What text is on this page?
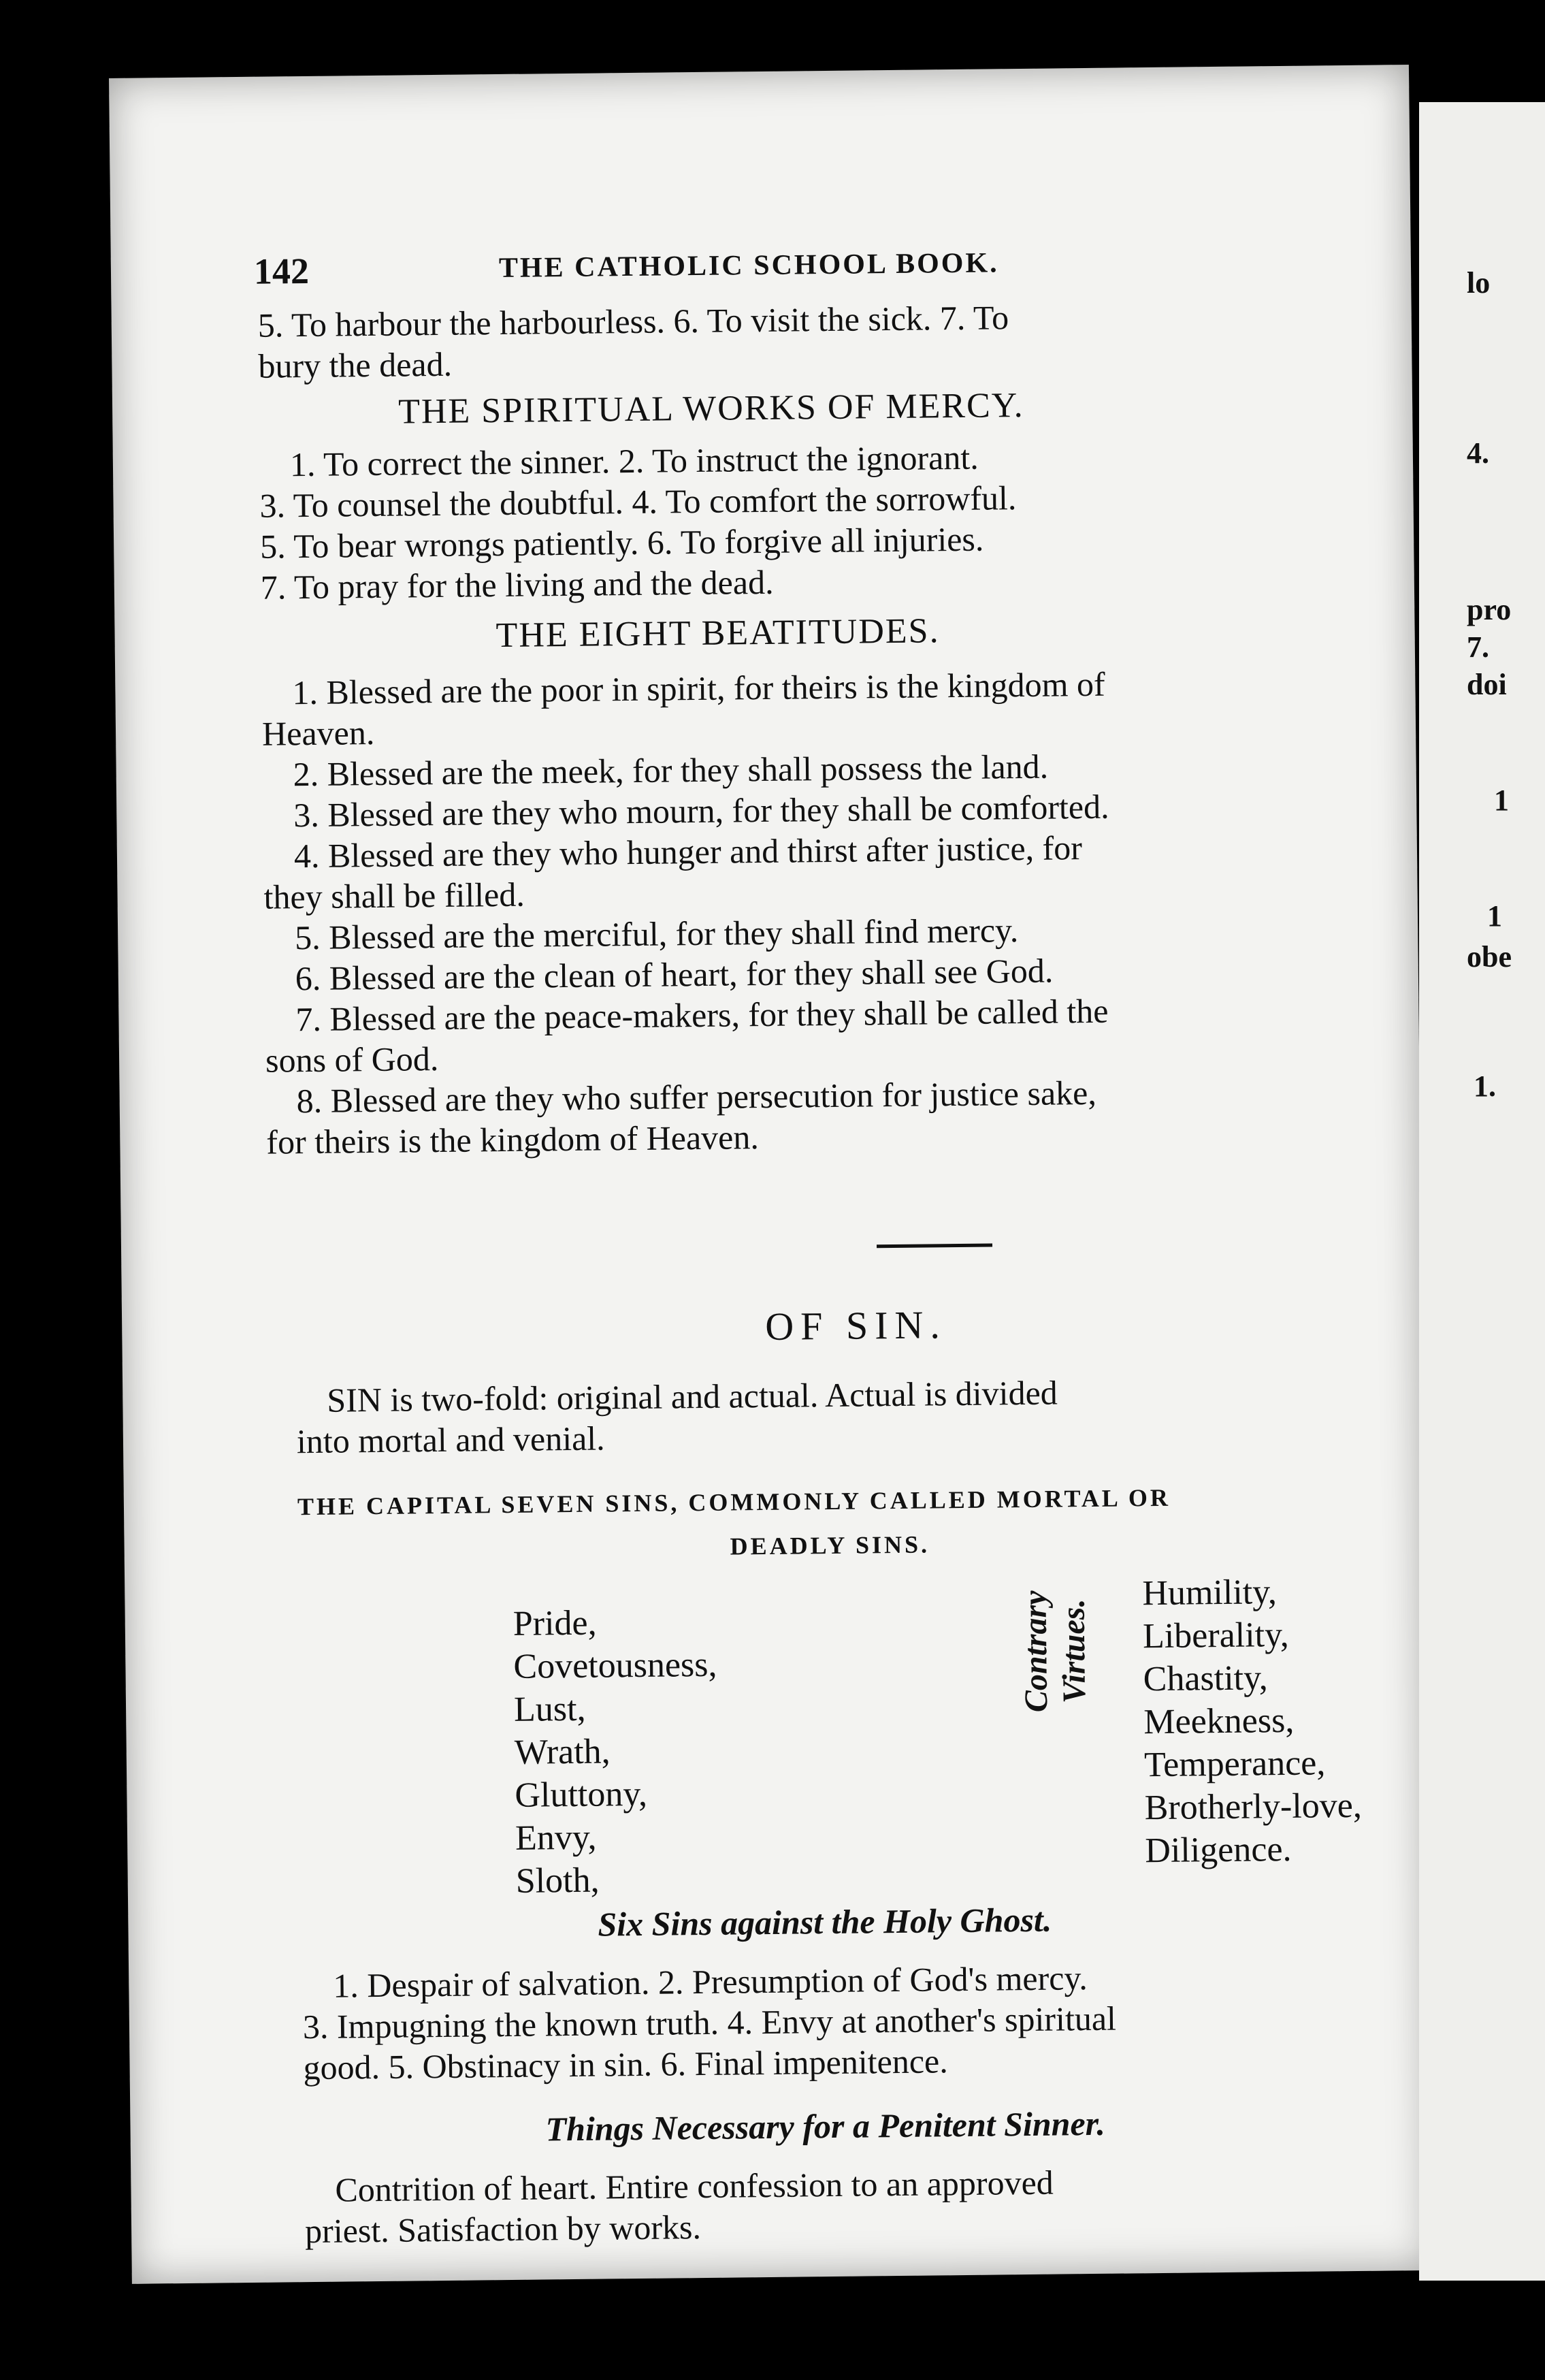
142	THE CATHOLIC SCHOOL BOOK.
5. To harbour the harbourless. 6. To visit the sick. 7. To
bury the dead.
THE SPIRITUAL WORKS OF MERCY.
1. To correct the sinner. 2. To instruct the ignorant.
3. To counsel the doubtful. 4. To comfort the sorrowful.
5. To bear wrongs patiently. 6. To forgive all injuries.
7. To pray for the living and the dead.
THE EIGHT BEATITUDES.
1. Blessed are the poor in spirit, for theirs is the kingdom of
Heaven.
2. Blessed are the meek, for they shall possess the land.
3. Blessed are they who mourn, for they shall be comforted.
4. Blessed are they who hunger and thirst after justice, for
they shall be filled.
5. Blessed are the merciful, for they shall find mercy.
6. Blessed are the clean of heart, for they shall see God.
7. Blessed are the peace-makers, for they shall be called the
sons of God.
8. Blessed are they who suffer persecution for justice sake,
for theirs is the kingdom of Heaven.
OF SIN.
SIN is two-fold: original and actual. Actual is divided
into mortal and venial.
THE CAPITAL SEVEN SINS, COMMONLY CALLED MORTAL OR
DEADLY SINS.
Pride,
Covetousness,
Lust,
Wrath,
Gluttony,
Envy,
Sloth,
Contrary Virtues.
Humility,
Liberality,
Chastity,
Meekness,
Temperance,
Brotherly-love,
Diligence.
Six Sins against the Holy Ghost.
1. Despair of salvation. 2. Presumption of God's mercy.
3. Impugning the known truth. 4. Envy at another's spiritual
good. 5. Obstinacy in sin. 6. Final impenitence.
Things Necessary for a Penitent Sinner.
Contrition of heart. Entire confession to an approved
priest. Satisfaction by works.
lo
4.
pro
7.
doi
1
1
obe
1.
